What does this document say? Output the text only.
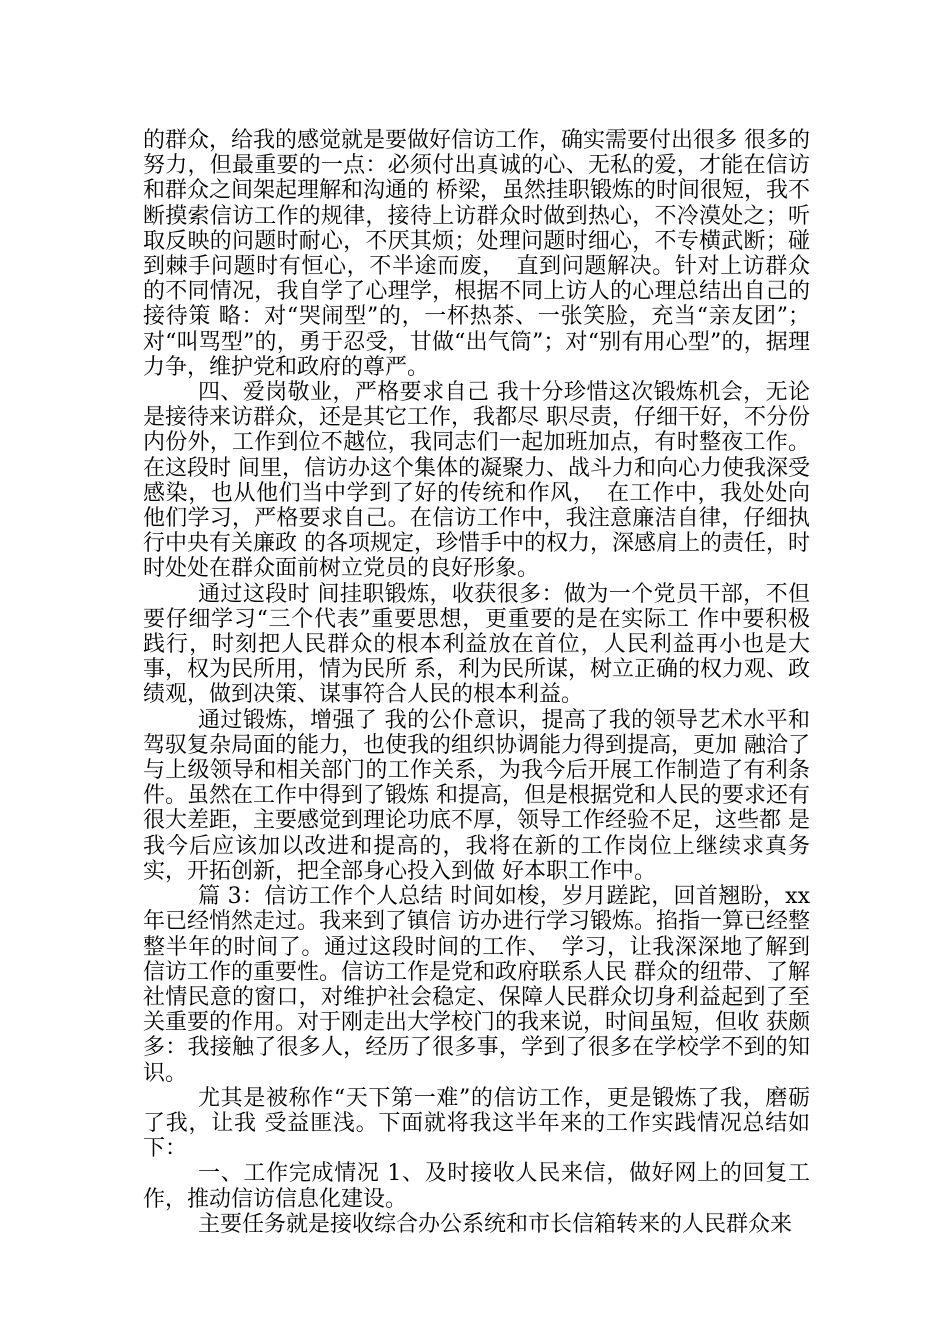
的群众，给我的感觉就是要做好信访工作，确实需要付出很多 很多的努力，但最重要的一点：必须付出真诚的心、无私的爱，才能在信访和群众之间架起理解和沟通的 桥梁，虽然挂职锻炼的时间很短，我不断摸索信访工作的规律，接待上访群众时做到热心，不冷漠处之；听取反映的问题时耐心，不厌其烦；处理问题时细心，不专横武断；碰到棘手问题时有恒心，不半途而废，　直到问题解决。针对上访群众的不同情况，我自学了心理学，根据不同上访人的心理总结出自己的接待策 略：对“哭闹型”的，一杯热茶、一张笑脸，充当“亲友团”；对“叫骂型”的，勇于忍受，甘做“出气筒”；对“别有用心型”的，据理力争，维护党和政府的尊严。

四、爱岗敬业，严格要求自己 我十分珍惜这次锻炼机会，无论是接待来访群众，还是其它工作，我都尽 职尽责，仔细干好，不分份内份外，工作到位不越位，我同志们一起加班加点，有时整夜工作。在这段时 间里，信访办这个集体的凝聚力、战斗力和向心力使我深受感染，也从他们当中学到了好的传统和作风，　在工作中，我处处向他们学习，严格要求自己。在信访工作中，我注意廉洁自律，仔细执行中央有关廉政 的各项规定，珍惜手中的权力，深感肩上的责任，时时处处在群众面前树立党员的良好形象。

通过这段时 间挂职锻炼，收获很多：做为一个党员干部，不但要仔细学习“三个代表”重要思想，更重要的是在实际工 作中要积极践行，时刻把人民群众的根本利益放在首位，人民利益再小也是大事，权为民所用，情为民所 系，利为民所谋，树立正确的权力观、政绩观，做到决策、谋事符合人民的根本利益。

通过锻炼，增强了 我的公仆意识，提高了我的领导艺术水平和驾驭复杂局面的能力，也使我的组织协调能力得到提高，更加 融洽了与上级领导和相关部门的工作关系，为我今后开展工作制造了有利条件。虽然在工作中得到了锻炼 和提高，但是根据党和人民的要求还有很大差距，主要感觉到理论功底不厚，领导工作经验不足，这些都 是我今后应该加以改进和提高的，我将在新的工作岗位上继续求真务实，开拓创新，把全部身心投入到做 好本职工作中。

篇 3：信访工作个人总结 时间如梭，岁月蹉跎，回首翘盼，xx 年已经悄然走过。我来到了镇信 访办进行学习锻炼。掐指一算已经整整半年的时间了。通过这段时间的工作、　学习，让我深深地了解到信访工作的重要性。信访工作是党和政府联系人民 群众的纽带、了解社情民意的窗口，对维护社会稳定、保障人民群众切身利益起到了至关重要的作用。对于刚走出大学校门的我来说，时间虽短，但收 获颇多：我接触了很多人，经历了很多事，学到了很多在学校学不到的知识。

尤其是被称作“天下第一难”的信访工作，更是锻炼了我，磨砺了我，让我 受益匪浅。下面就将我这半年来的工作实践情况总结如下：

一、工作完成情况 1、及时接收人民来信，做好网上的回复工作，推动信访信息化建设。

主要任务就是接收综合办公系统和市长信箱转来的人民群众来
